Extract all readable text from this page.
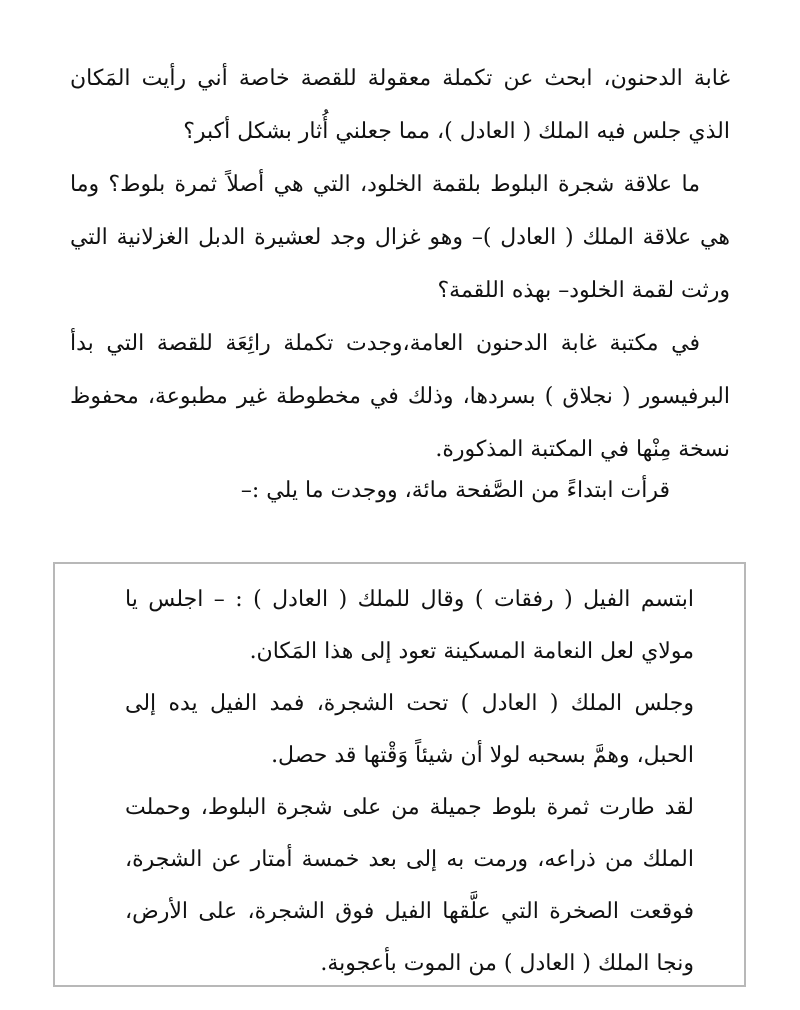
غابة الدحنون، ابحث عن تكملة معقولة للقصة خاصة أني رأيت المَكان الذي جلس فيه الملك ( العادل )، مما جعلني أُثار بشكل أكبر؟

ما علاقة شجرة البلوط بلقمة الخلود، التي هي أصلاً ثمرة بلوط؟ وما هي علاقة الملك ( العادل )– وهو غزال وجد لعشيرة الدبل الغزلانية التي ورثت لقمة الخلود– بهذه اللقمة؟

في مكتبة غابة الدحنون العامة،وجدت تكملة رائِعَة للقصة التي بدأ البرفيسور ( نجلاق ) بسردها، وذلك في مخطوطة غير مطبوعة، محفوظ نسخة مِنْها في المكتبة المذكورة.

قرأت ابتداءً من الصَّفحة مائة، ووجدت ما يلي :–

ابتسم الفيل ( رفقات ) وقال للملك ( العادل ) : – اجلس يا مولاي لعل النعامة المسكينة تعود إلى هذا المَكان.

وجلس الملك ( العادل ) تحت الشجرة، فمد الفيل يده إلى الحبل، وهمَّ بسحبه لولا أن شيئاً وَقْتها قد حصل.

لقد طارت ثمرة بلوط جميلة من على شجرة البلوط، وحملت الملك من ذراعه، ورمت به إلى بعد خمسة أمتار عن الشجرة، فوقعت الصخرة التي علَّقها الفيل فوق الشجرة، على الأرض، ونجا الملك ( العادل ) من الموت بأعجوبة.
